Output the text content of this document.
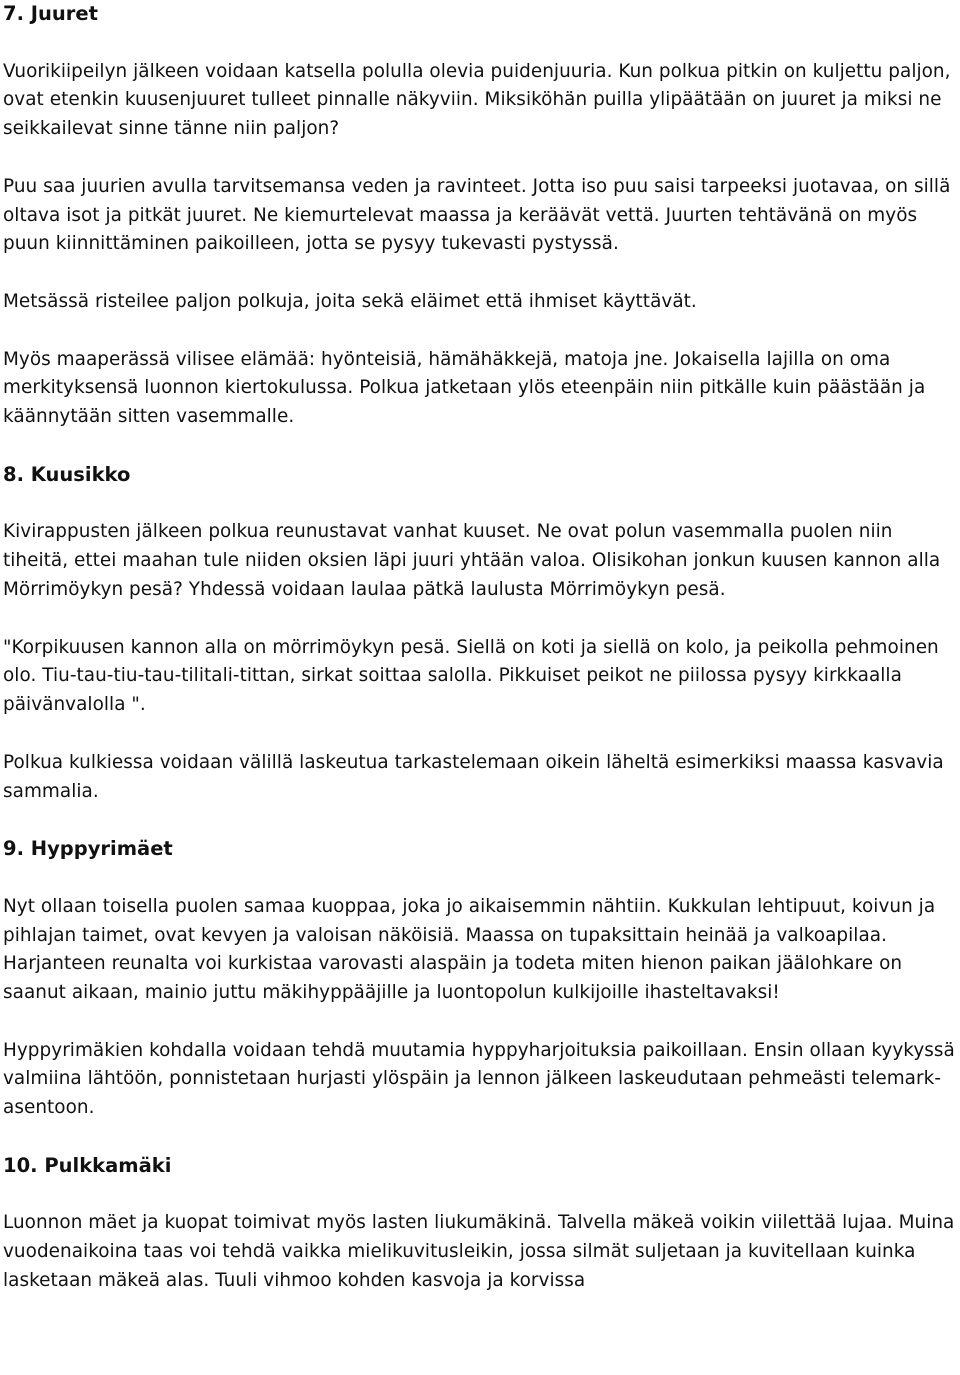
7. Juuret

Vuorikiipeilyn jälkeen voidaan katsella polulla olevia puidenjuuria. Kun polkua pitkin on kuljettu paljon, ovat etenkin kuusenjuuret tulleet pinnalle näkyviin. Miksiköhän puilla ylipäätään on juuret ja miksi ne seikkailevat sinne tänne niin paljon?

Puu saa juurien avulla tarvitsemansa veden ja ravinteet. Jotta iso puu saisi tarpeeksi juotavaa, on sillä oltava isot ja pitkät juuret. Ne kiemurtelevat maassa ja keräävät vettä. Juurten tehtävänä on myös puun kiinnittäminen paikoilleen, jotta se pysyy tukevasti pystyssä.

Metsässä risteilee paljon polkuja, joita sekä eläimet että ihmiset käyttävät.

Myös maaperässä vilisee elämää: hyönteisiä, hämähäkkejä, matoja jne. Jokaisella lajilla on oma merkityksensä luonnon kiertokulussa. Polkua jatketaan ylös eteenpäin niin pitkälle kuin päästään ja käännytään sitten vasemmalle.

8. Kuusikko

Kivirappusten jälkeen polkua reunustavat vanhat kuuset. Ne ovat polun vasemmalla puolen niin tiheitä, ettei maahan tule niiden oksien läpi juuri yhtään valoa. Olisikohan jonkun kuusen kannon alla Mörrimöykyn pesä? Yhdessä voidaan laulaa pätkä laulusta Mörrimöykyn pesä.

"Korpikuusen kannon alla on mörrimöykyn pesä. Siellä on koti ja siellä on kolo, ja peikolla pehmoinen olo. Tiu-tau-tiu-tau-tilitali-tittan, sirkat soittaa salolla. Pikkuiset peikot ne piilossa pysyy kirkkaalla päivänvalolla ".

Polkua kulkiessa voidaan välillä laskeutua tarkastelemaan oikein läheltä esimerkiksi maassa kasvavia sammalia.

9. Hyppyrimäet

Nyt ollaan toisella puolen samaa kuoppaa, joka jo aikaisemmin nähtiin. Kukkulan lehtipuut, koivun ja pihlajan taimet, ovat kevyen ja valoisan näköisiä. Maassa on tupaksittain heinää ja valkoapilaa. Harjanteen reunalta voi kurkistaa varovasti alaspäin ja todeta miten hienon paikan jäälohkare on saanut aikaan, mainio juttu mäkihyppääjille ja luontopolun kulkijoille ihasteltavaksi!

Hyppyrimäkien kohdalla voidaan tehdä muutamia hyppyharjoituksia paikoillaan. Ensin ollaan kyykyssä valmiina lähtöön, ponnistetaan hurjasti ylöspäin ja lennon jälkeen laskeudutaan pehmeästi telemark-asentoon.

10. Pulkkamäki

Luonnon mäet ja kuopat toimivat myös lasten liukumäkinä. Talvella mäkeä voikin viilettää lujaa. Muina vuodenaikoina taas voi tehdä vaikka mielikuvitusleikin, jossa silmät suljetaan ja kuvitellaan kuinka lasketaan mäkeä alas. Tuuli vihmoo kohden kasvoja ja korvissa
